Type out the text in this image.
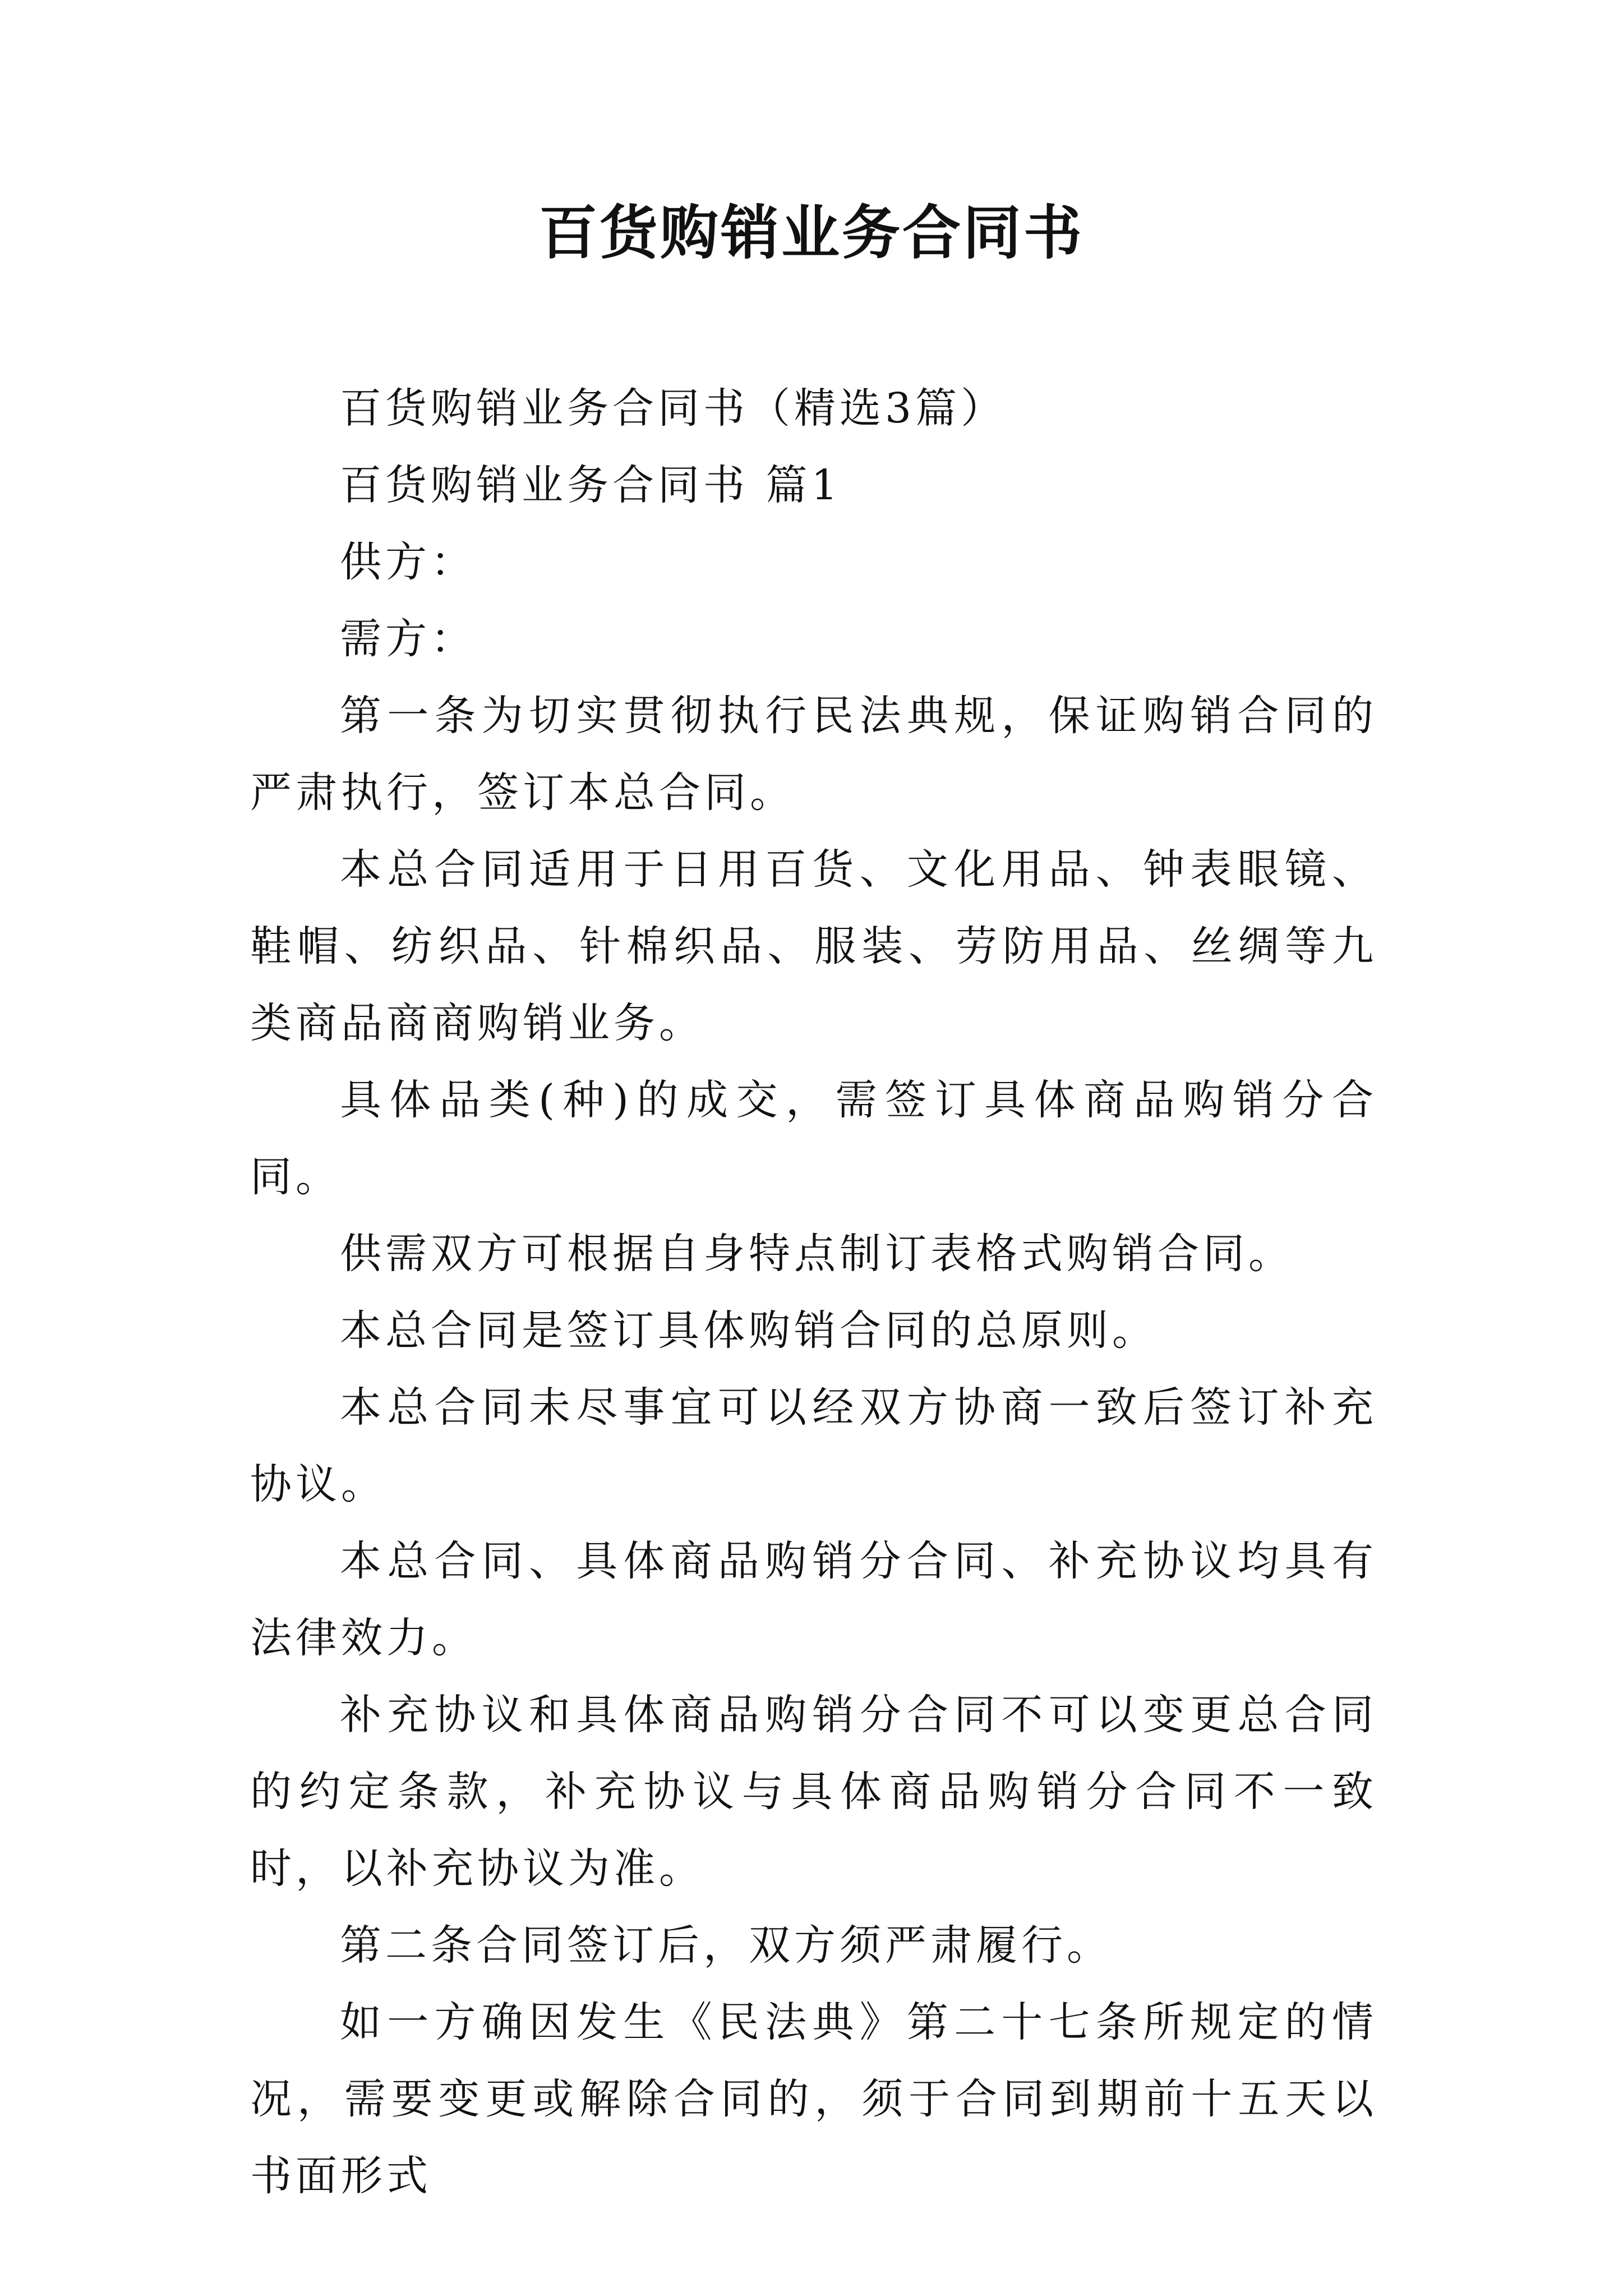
百货购销业务合同书

百货购销业务合同书（精选3篇）

百货购销业务合同书 篇1

供方：

需方：

第一条为切实贯彻执行民法典规，保证购销合同的严肃执行，签订本总合同。

本总合同适用于日用百货、文化用品、钟表眼镜、鞋帽、纺织品、针棉织品、服装、劳防用品、丝绸等九类商品商商购销业务。

具体品类(种)的成交，需签订具体商品购销分合同。

供需双方可根据自身特点制订表格式购销合同。

本总合同是签订具体购销合同的总原则。

本总合同未尽事宜可以经双方协商一致后签订补充协议。

本总合同、具体商品购销分合同、补充协议均具有法律效力。

补充协议和具体商品购销分合同不可以变更总合同的约定条款，补充协议与具体商品购销分合同不一致时，以补充协议为准。

第二条合同签订后，双方须严肃履行。

如一方确因发生《民法典》第二十七条所规定的情况，需要变更或解除合同的，须于合同到期前十五天以书面形式
